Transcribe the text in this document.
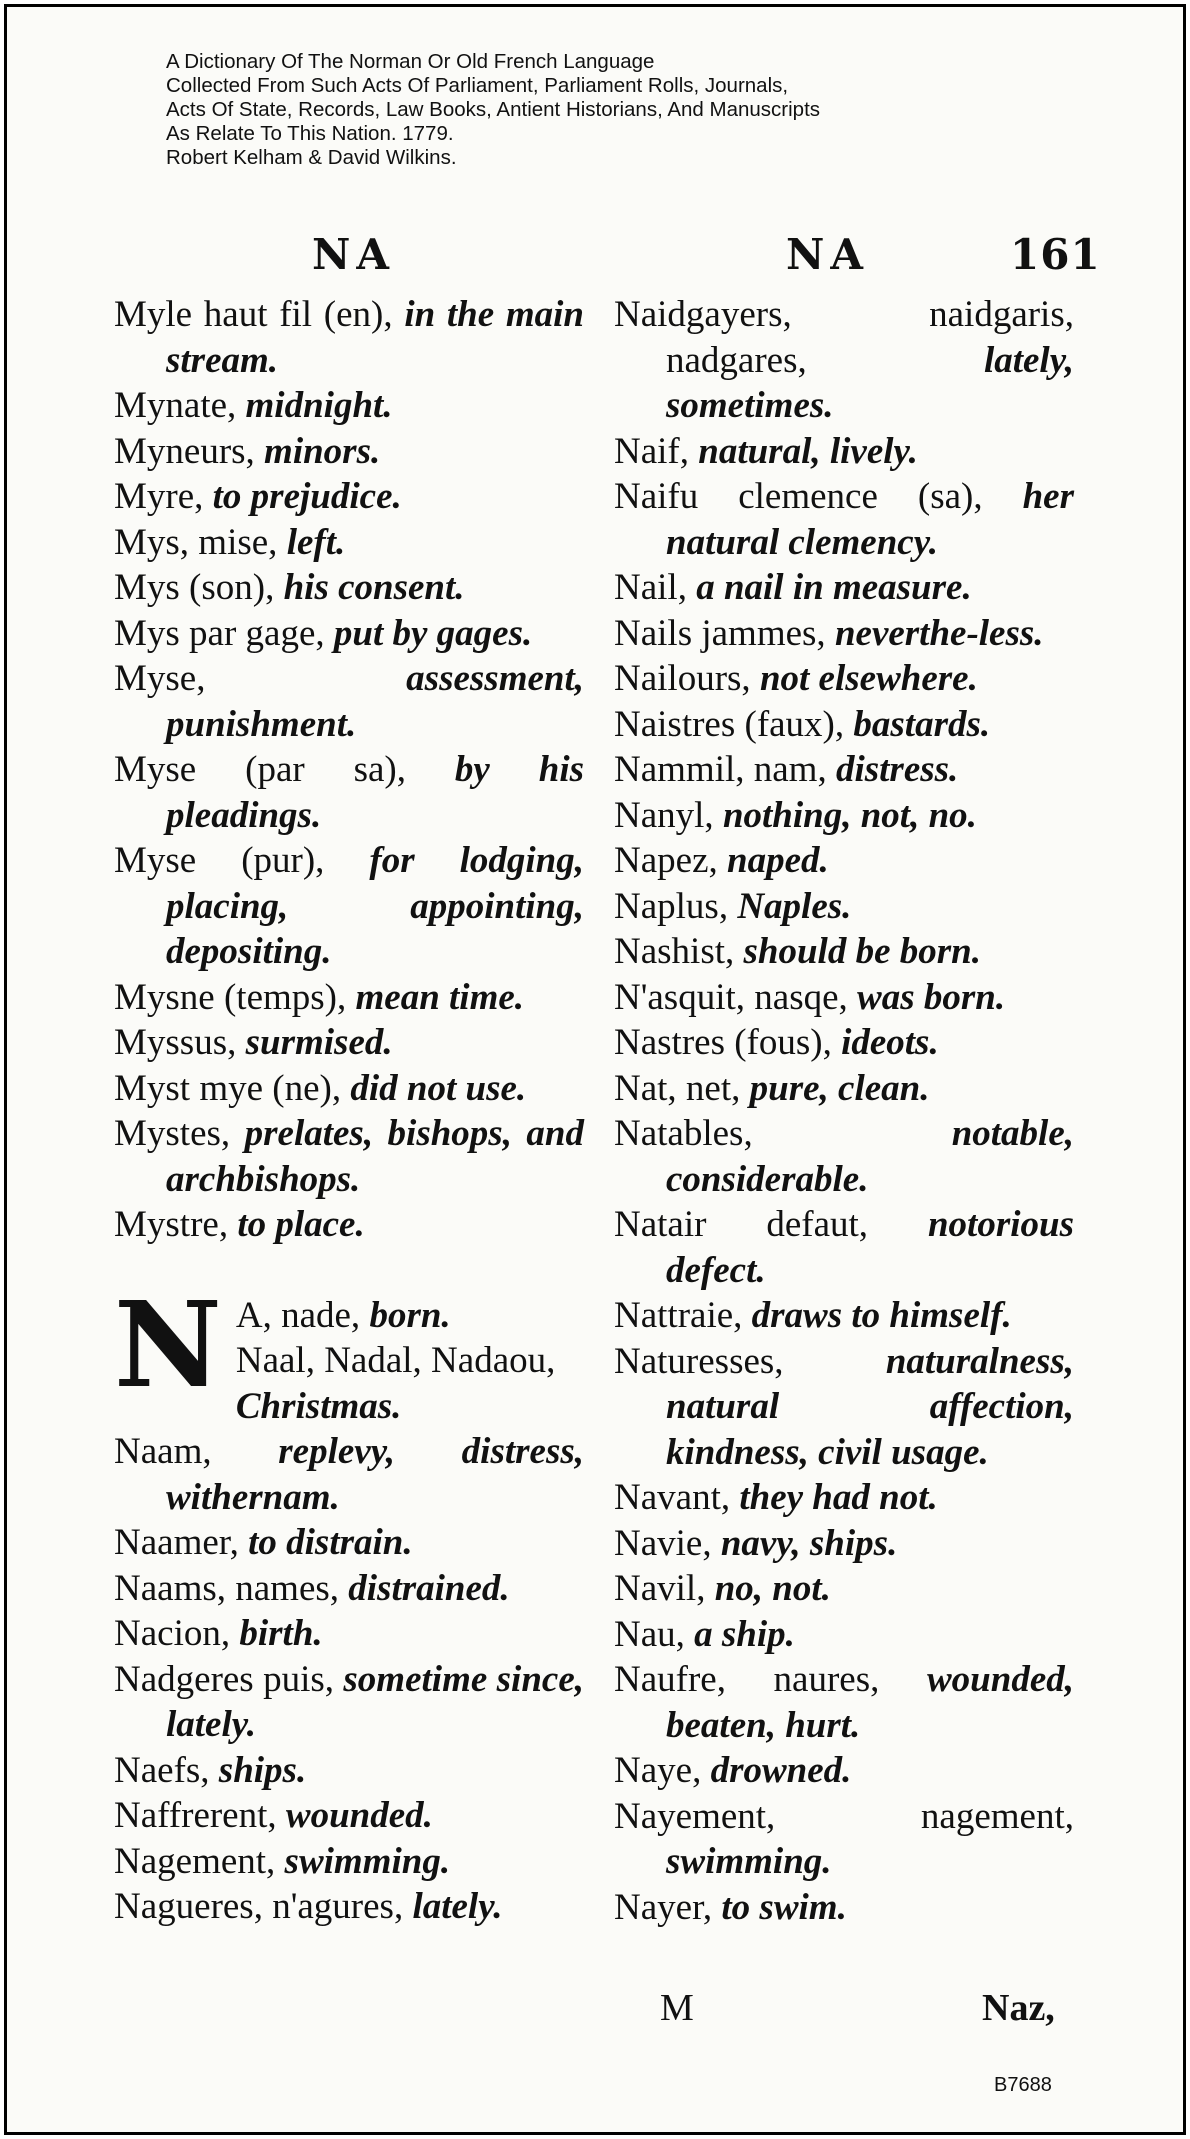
A Dictionary Of The Norman Or Old French Language
Collected From Such Acts Of Parliament, Parliament Rolls, Journals,
Acts Of State, Records, Law Books, Antient Historians, And Manuscripts
As Relate To This Nation. 1779.
Robert Kelham & David Wilkins.
NA	NA	161

Myle haut fil (en), in the main stream.

Mynate, midnight.

Myneurs, minors.

Myre, to prejudice.

Mys, mise, left.

Mys (son), his consent.

Mys par gage, put by gages.

Myse, assessment, punishment.

Myse (par sa), by his pleadings.

Myse (pur), for lodging, placing, appointing, depositing.

Mysne (temps), mean time.

Myssus, surmised.

Myst mye (ne), did not use.

Mystes, prelates, bishops, and archbishops.

Mystre, to place.

N A, nade, born.
Naal, Nadal, Nadaou, Christmas.

Naam, replevy, distress, withernam.

Naamer, to distrain.

Naams, names, distrained.

Nacion, birth.

Nadgeres puis, sometime since, lately.

Naefs, ships.

Naffrerent, wounded.

Nagement, swimming.

Nagueres, n'agures, lately.

Naidgayers, naidgaris, nadgares, lately, sometimes.

Naif, natural, lively.

Naifu clemence (sa), her natural clemency.

Nail, a nail in measure.

Nails jammes, neverthe-less.

Nailours, not elsewhere.

Naistres (faux), bastards.

Nammil, nam, distress.

Nanyl, nothing, not, no.

Napez, naped.

Naplus, Naples.

Nashist, should be born.

N'asquit, nasqe, was born.

Nastres (fous), ideots.

Nat, net, pure, clean.

Natables, notable, considerable.

Natair defaut, notorious defect.

Nattraie, draws to himself.

Naturesses, naturalness, natural affection, kindness, civil usage.

Navant, they had not.

Navie, navy, ships.

Navil, no, not.

Nau, a ship.

Naufre, naures, wounded, beaten, hurt.

Naye, drowned.

Nayement, nagement, swimming.

Nayer, to swim.

M	Naz,
B7688
